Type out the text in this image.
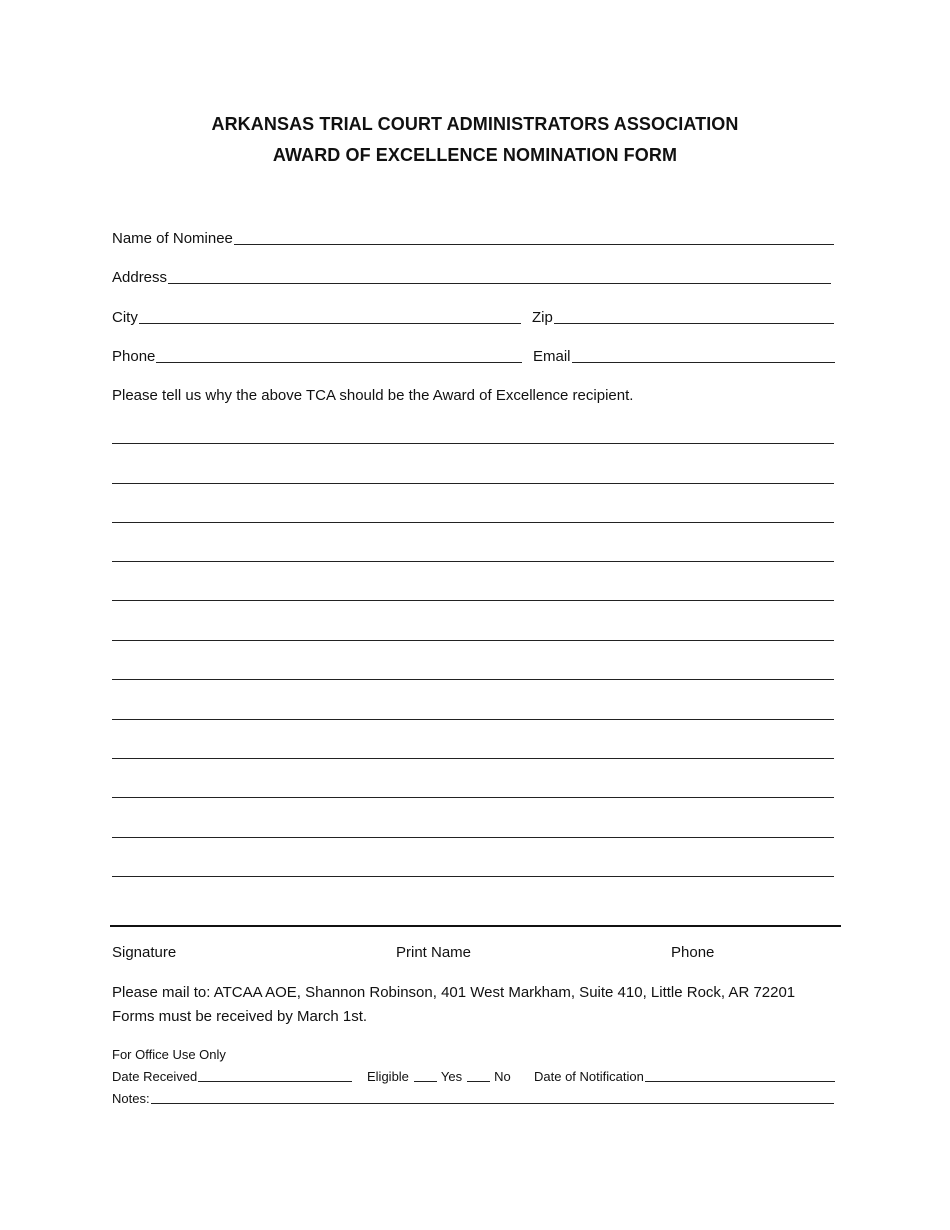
ARKANSAS TRIAL COURT ADMINISTRATORS ASSOCIATION
AWARD OF EXCELLENCE NOMINATION FORM
Name of Nominee
Address
City	Zip
Phone	Email
Please tell us why the above TCA should be the Award of Excellence recipient.
Signature	Print Name	Phone
Please mail to: ATCAA AOE, Shannon Robinson, 401 West Markham, Suite 410, Little Rock, AR 72201
Forms must be received by March 1st.
For Office Use Only
Date Received	Eligible Yes No Date of Notification
Notes:
